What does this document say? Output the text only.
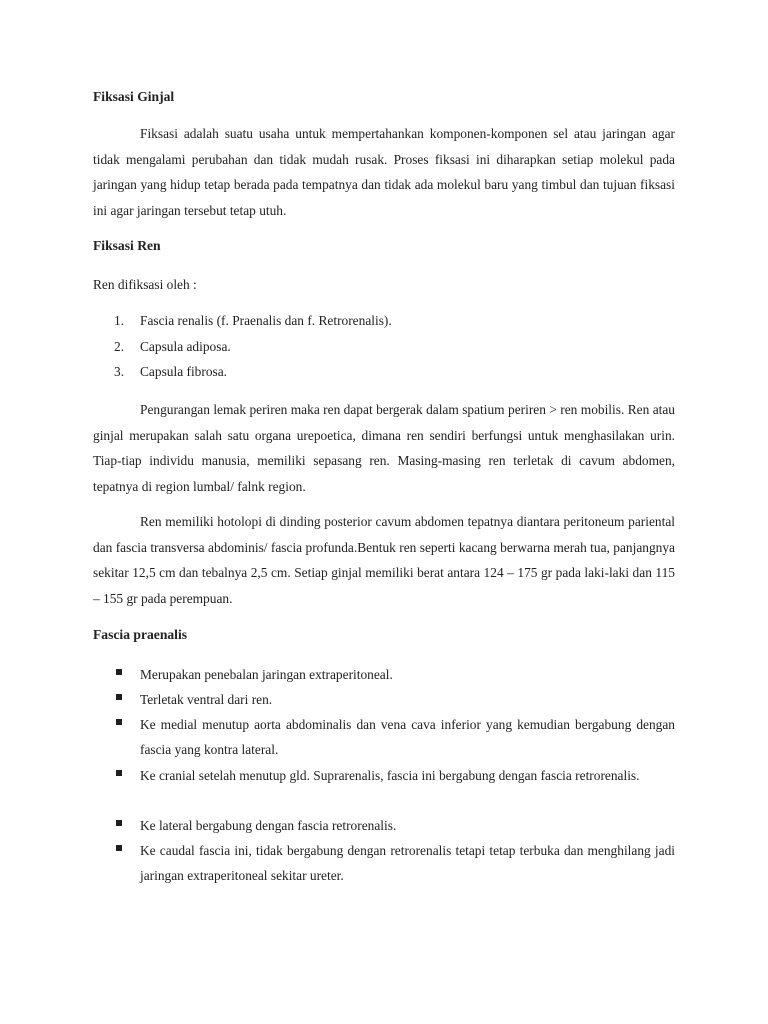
Fiksasi Ginjal

Fiksasi adalah suatu usaha untuk mempertahankan komponen-komponen sel atau jaringan agar tidak mengalami perubahan dan tidak mudah rusak. Proses fiksasi ini diharapkan setiap molekul pada jaringan yang hidup tetap berada pada tempatnya dan tidak ada molekul baru yang timbul dan tujuan fiksasi ini agar jaringan tersebut tetap utuh.

Fiksasi Ren
Ren difiksasi oleh :
1. Fascia renalis (f. Praenalis dan f. Retrorenalis).
2. Capsula adiposa.
3. Capsula fibrosa.

Pengurangan lemak periren maka ren dapat bergerak dalam spatium periren > ren mobilis. Ren atau ginjal merupakan salah satu organa urepoetica, dimana ren sendiri berfungsi untuk menghasilakan urin. Tiap-tiap individu manusia, memiliki sepasang ren. Masing-masing ren terletak di cavum abdomen, tepatnya di region lumbal/ falnk region.

Ren memiliki hotolopi di dinding posterior cavum abdomen tepatnya diantara peritoneum pariental dan fascia transversa abdominis/ fascia profunda.Bentuk ren seperti kacang berwarna merah tua, panjangnya sekitar 12,5 cm dan tebalnya 2,5 cm. Setiap ginjal memiliki berat antara 124 – 175 gr pada laki-laki dan 115 – 155 gr pada perempuan.

Fascia praenalis

Merupakan penebalan jaringan extraperitoneal.

Terletak ventral dari ren.

Ke medial menutup aorta abdominalis dan vena cava inferior yang kemudian bergabung dengan fascia yang kontra lateral.

Ke cranial setelah menutup gld. Suprarenalis, fascia ini bergabung dengan fascia retrorenalis.

Ke lateral bergabung dengan fascia retrorenalis.

Ke caudal fascia ini, tidak bergabung dengan retrorenalis tetapi tetap terbuka dan menghilang jadi jaringan extraperitoneal sekitar ureter.
